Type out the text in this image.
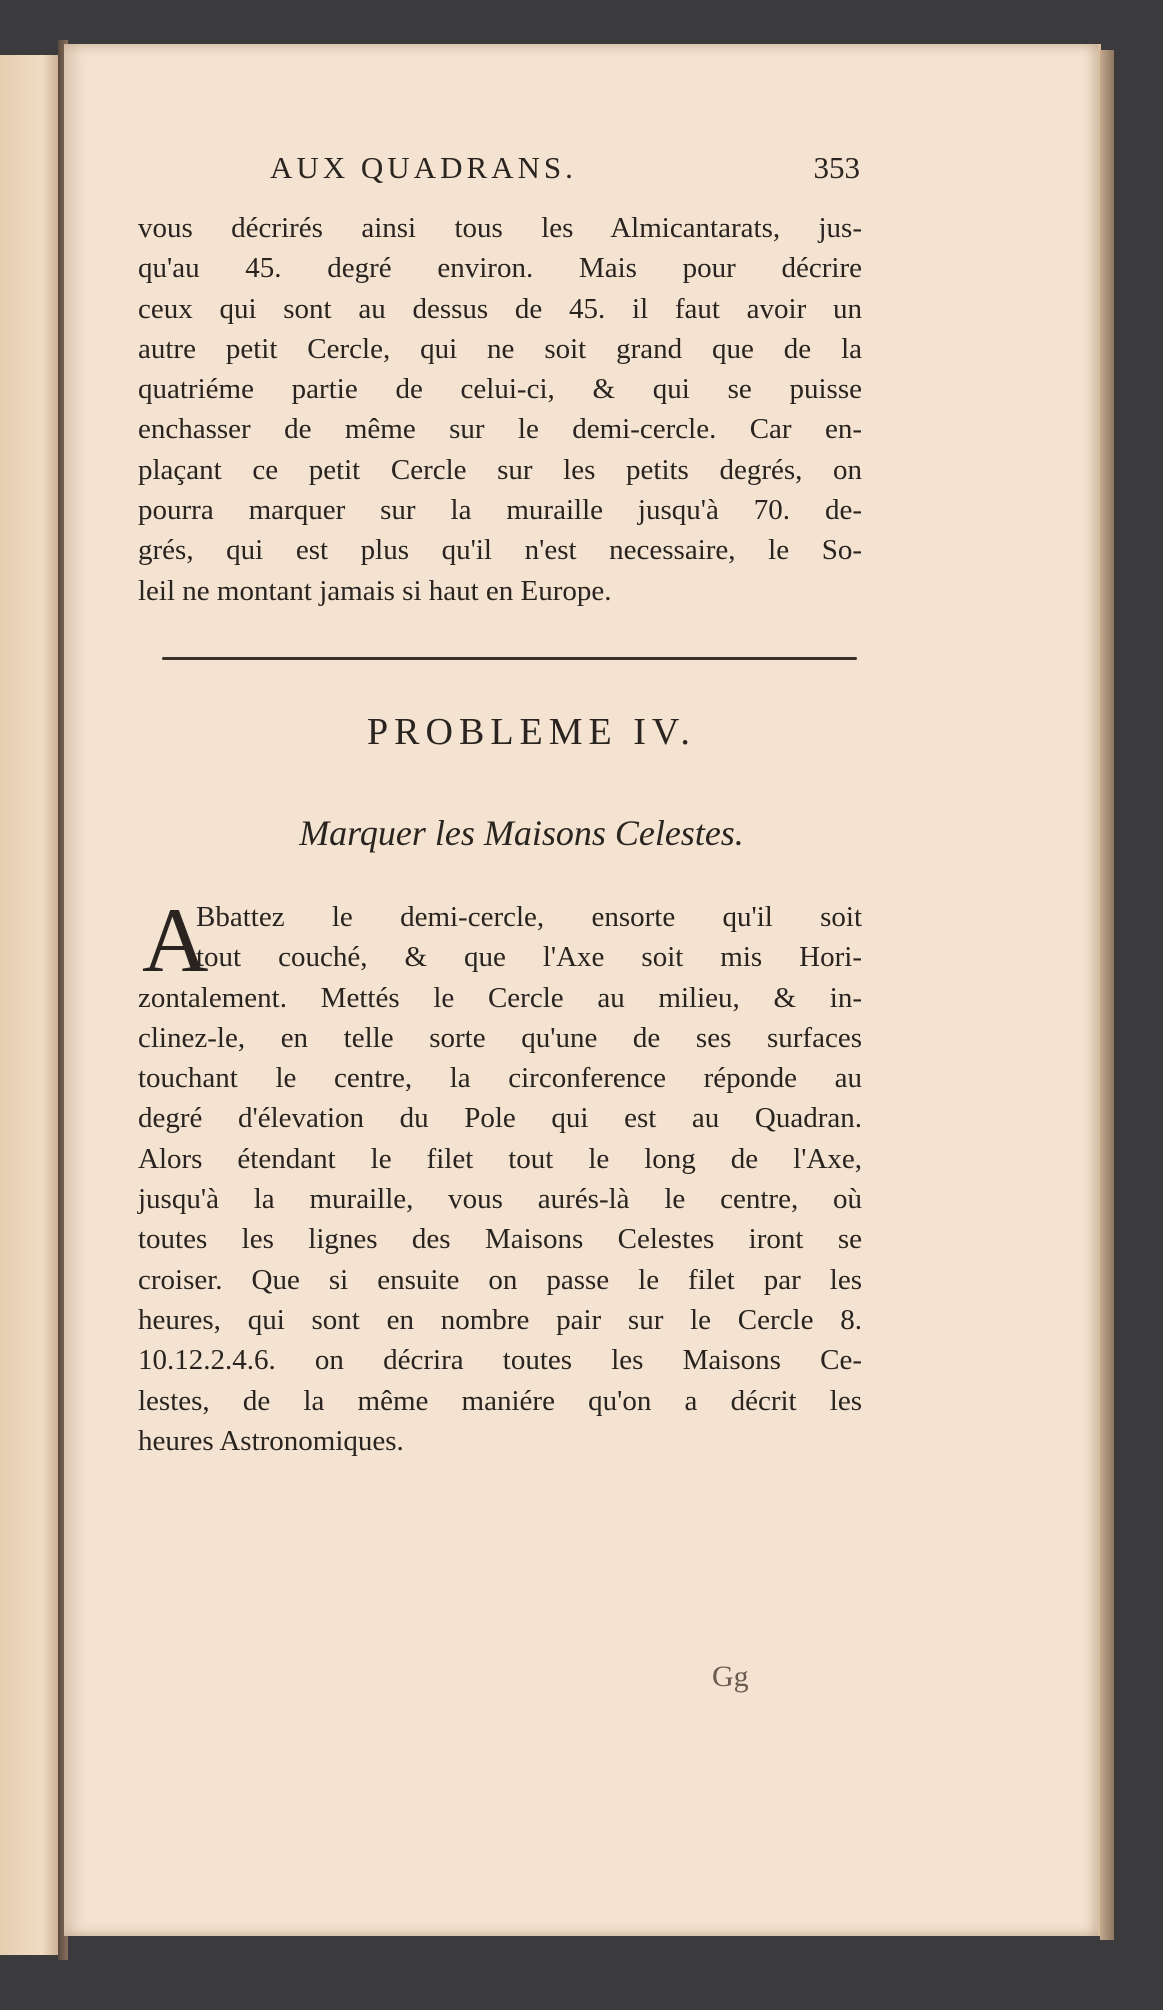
AUX QUADRANS.	353
vous décrirés ainsi tous les Almicantarats, jus-
qu'au 45. degré environ. Mais pour décrire
ceux qui sont au dessus de 45. il faut avoir un
autre petit Cercle, qui ne soit grand que de la
quatriéme partie de celui-ci, & qui se puisse
enchasser de même sur le demi-cercle. Car en-
plaçant ce petit Cercle sur les petits degrés, on
pourra marquer sur la muraille jusqu'à 70. de-
grés, qui est plus qu'il n'est necessaire, le So-
leil ne montant jamais si haut en Europe.
PROBLEME IV.
Marquer les Maisons Celestes.
A
Bbattez le demi-cercle, ensorte qu'il soit
tout couché, & que l'Axe soit mis Hori-
zontalement. Mettés le Cercle au milieu, & in-
clinez-le, en telle sorte qu'une de ses surfaces
touchant le centre, la circonference réponde au
degré d'élevation du Pole qui est au Quadran.
Alors étendant le filet tout le long de l'Axe,
jusqu'à la muraille, vous aurés-là le centre, où
toutes les lignes des Maisons Celestes iront se
croiser. Que si ensuite on passe le filet par les
heures, qui sont en nombre pair sur le Cercle 8.
10.12.2.4.6. on décrira toutes les Maisons Ce-
lestes, de la même maniére qu'on a décrit les
heures Astronomiques.
Gg
